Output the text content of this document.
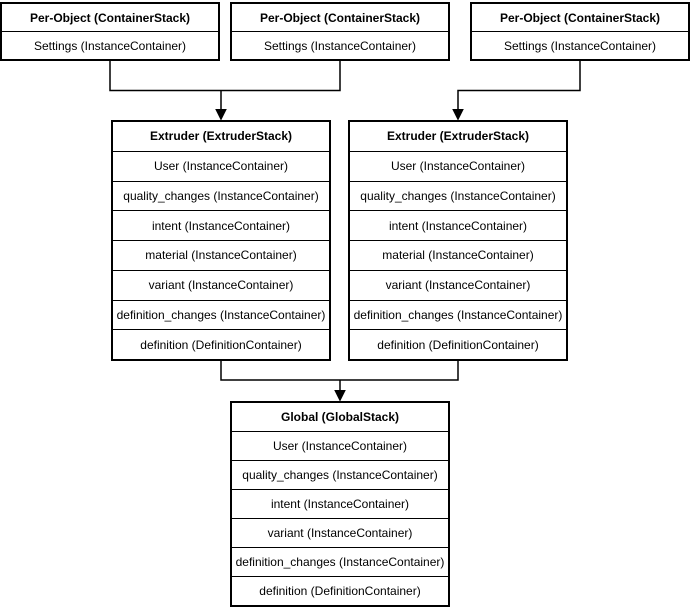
Per-Object (ContainerStack)
Settings (InstanceContainer)
Per-Object (ContainerStack)
Settings (InstanceContainer)
Per-Object (ContainerStack)
Settings (InstanceContainer)
Extruder (ExtruderStack)
User (InstanceContainer)
quality_changes (InstanceContainer)
intent (InstanceContainer)
material (InstanceContainer)
variant (InstanceContainer)
definition_changes (InstanceContainer)
definition (DefinitionContainer)
Extruder (ExtruderStack)
User (InstanceContainer)
quality_changes (InstanceContainer)
intent (InstanceContainer)
material (InstanceContainer)
variant (InstanceContainer)
definition_changes (InstanceContainer)
definition (DefinitionContainer)
Global (GlobalStack)
User (InstanceContainer)
quality_changes (InstanceContainer)
intent (InstanceContainer)
variant (InstanceContainer)
definition_changes (InstanceContainer)
definition (DefinitionContainer)
